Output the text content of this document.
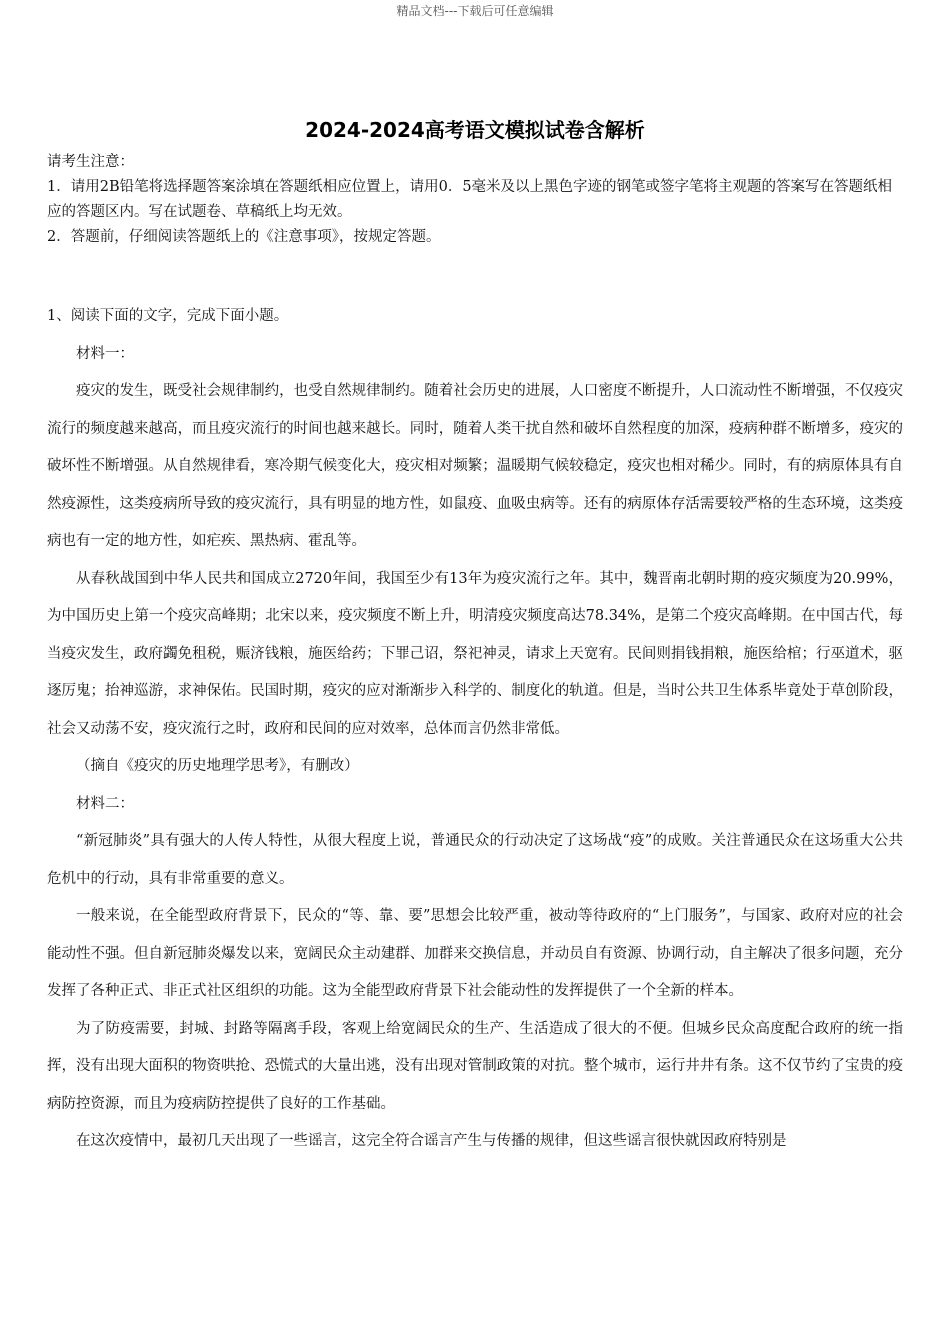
精品文档---下载后可任意编辑
2024-2024高考语文模拟试卷含解析

请考生注意：

1．请用2B铅笔将选择题答案涂填在答题纸相应位置上，请用0．5毫米及以上黑色字迹的钢笔或签字笔将主观题的答案写在答题纸相应的答题区内。写在试题卷、草稿纸上均无效。

2．答题前，仔细阅读答题纸上的《注意事项》，按规定答题。

1、阅读下面的文字，完成下面小题。

材料一：

疫灾的发生，既受社会规律制约，也受自然规律制约。随着社会历史的进展，人口密度不断提升，人口流动性不断增强，不仅疫灾流行的频度越来越高，而且疫灾流行的时间也越来越长。同时，随着人类干扰自然和破坏自然程度的加深，疫病种群不断增多，疫灾的破坏性不断增强。从自然规律看，寒冷期气候变化大，疫灾相对频繁；温暖期气候较稳定，疫灾也相对稀少。同时，有的病原体具有自然疫源性，这类疫病所导致的疫灾流行，具有明显的地方性，如鼠疫、血吸虫病等。还有的病原体存活需要较严格的生态环境，这类疫病也有一定的地方性，如疟疾、黑热病、霍乱等。

从春秋战国到中华人民共和国成立2720年间，我国至少有13年为疫灾流行之年。其中，魏晋南北朝时期的疫灾频度为20.99%，为中国历史上第一个疫灾高峰期；北宋以来，疫灾频度不断上升，明清疫灾频度高达78.34%，是第二个疫灾高峰期。在中国古代，每当疫灾发生，政府蠲免租税，赈济钱粮，施医给药；下罪己诏，祭祀神灵，请求上天宽宥。民间则捐钱捐粮，施医给棺；行巫道术，驱逐厉鬼；抬神巡游，求神保佑。民国时期，疫灾的应对渐渐步入科学的、制度化的轨道。但是，当时公共卫生体系毕竟处于草创阶段，社会又动荡不安，疫灾流行之时，政府和民间的应对效率，总体而言仍然非常低。

（摘自《疫灾的历史地理学思考》，有删改）

材料二：

“新冠肺炎”具有强大的人传人特性，从很大程度上说，普通民众的行动决定了这场战“疫”的成败。关注普通民众在这场重大公共危机中的行动，具有非常重要的意义。

一般来说，在全能型政府背景下，民众的“等、靠、要”思想会比较严重，被动等待政府的“上门服务”，与国家、政府对应的社会能动性不强。但自新冠肺炎爆发以来，宽阔民众主动建群、加群来交换信息，并动员自有资源、协调行动，自主解决了很多问题，充分发挥了各种正式、非正式社区组织的功能。这为全能型政府背景下社会能动性的发挥提供了一个全新的样本。

为了防疫需要，封城、封路等隔离手段，客观上给宽阔民众的生产、生活造成了很大的不便。但城乡民众高度配合政府的统一指挥，没有出现大面积的物资哄抢、恐慌式的大量出逃，没有出现对管制政策的对抗。整个城市，运行井井有条。这不仅节约了宝贵的疫病防控资源，而且为疫病防控提供了良好的工作基础。

在这次疫情中，最初几天出现了一些谣言，这完全符合谣言产生与传播的规律，但这些谣言很快就因政府特别是
